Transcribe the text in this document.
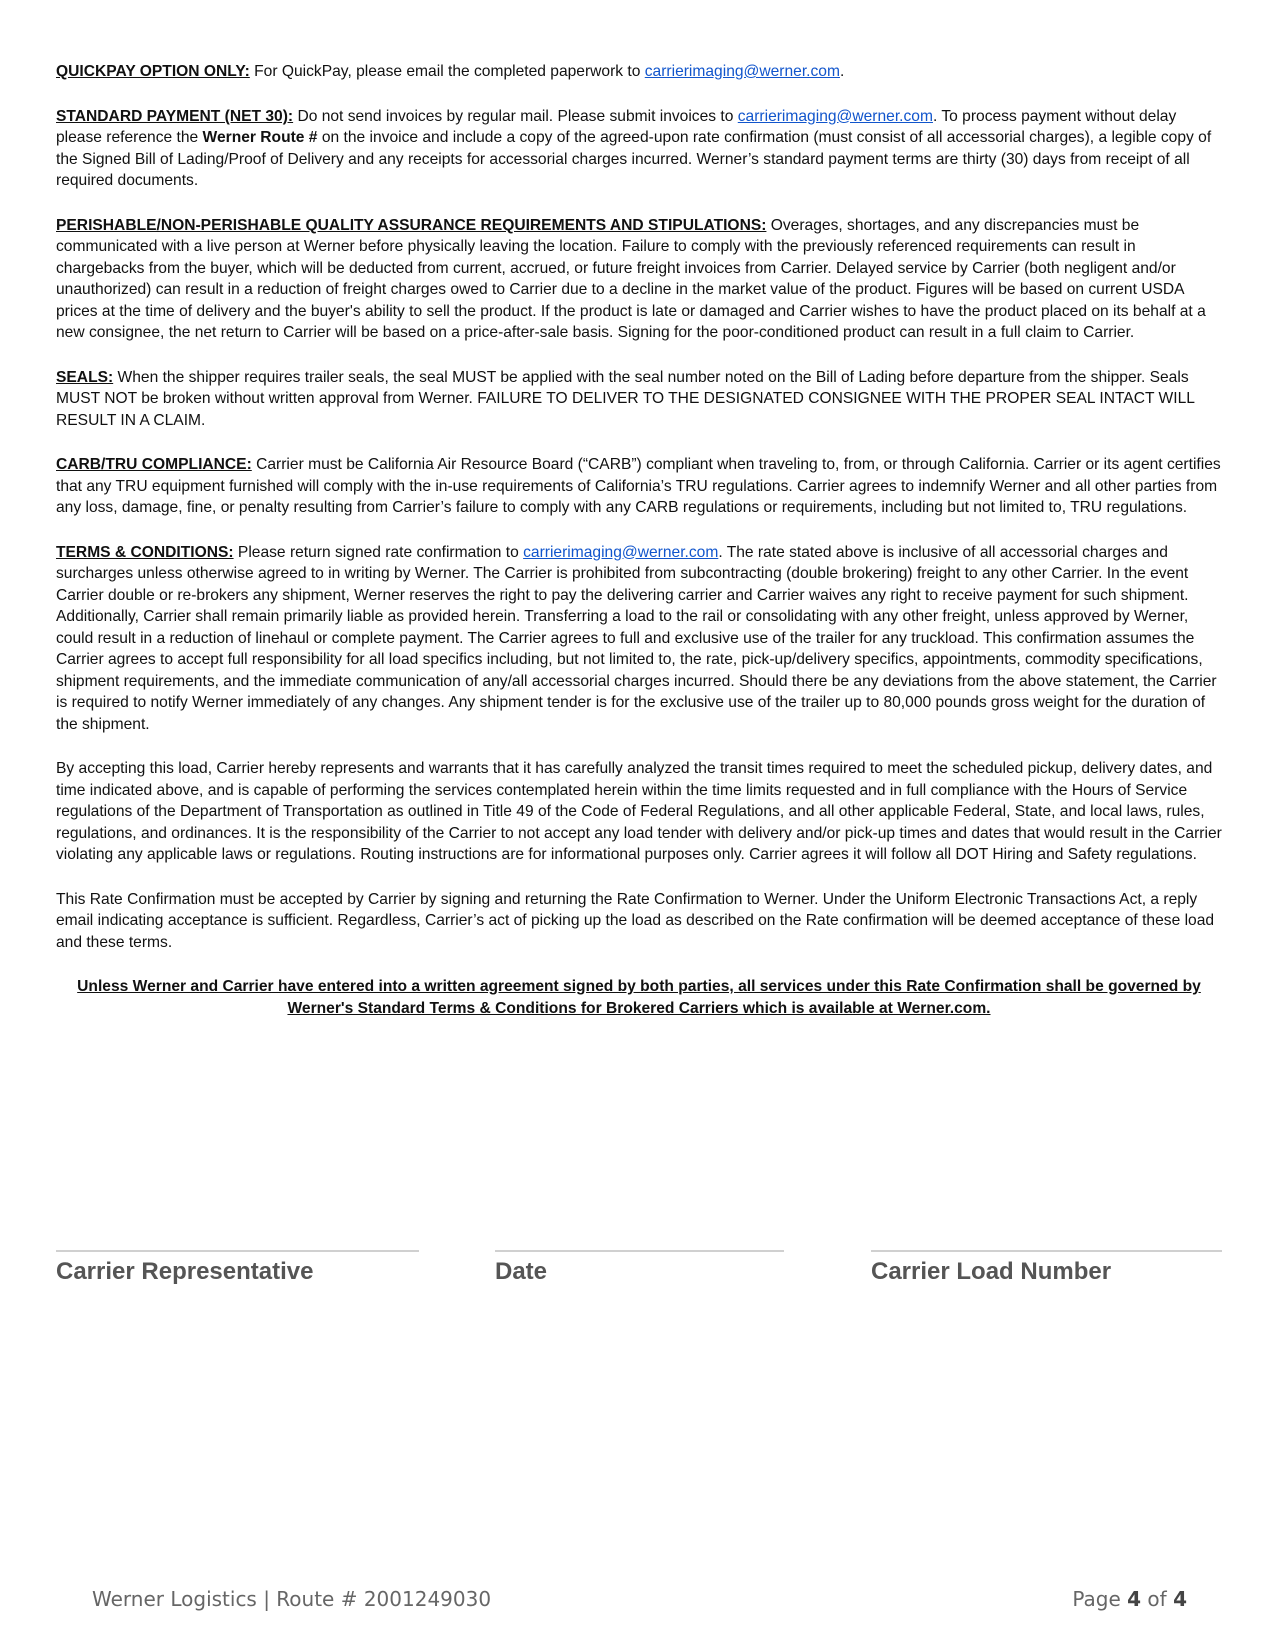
QUICKPAY OPTION ONLY: For QuickPay, please email the completed paperwork to carrierimaging@werner.com.

STANDARD PAYMENT (NET 30): Do not send invoices by regular mail. Please submit invoices to carrierimaging@werner.com. To process payment without delay please reference the Werner Route # on the invoice and include a copy of the agreed-upon rate confirmation (must consist of all accessorial charges), a legible copy of the Signed Bill of Lading/Proof of Delivery and any receipts for accessorial charges incurred. Werner’s standard payment terms are thirty (30) days from receipt of all required documents.

PERISHABLE/NON-PERISHABLE QUALITY ASSURANCE REQUIREMENTS AND STIPULATIONS: Overages, shortages, and any discrepancies must be communicated with a live person at Werner before physically leaving the location. Failure to comply with the previously referenced requirements can result in chargebacks from the buyer, which will be deducted from current, accrued, or future freight invoices from Carrier. Delayed service by Carrier (both negligent and/or unauthorized) can result in a reduction of freight charges owed to Carrier due to a decline in the market value of the product. Figures will be based on current USDA prices at the time of delivery and the buyer's ability to sell the product. If the product is late or damaged and Carrier wishes to have the product placed on its behalf at a new consignee, the net return to Carrier will be based on a price-after-sale basis. Signing for the poor-conditioned product can result in a full claim to Carrier.

SEALS: When the shipper requires trailer seals, the seal MUST be applied with the seal number noted on the Bill of Lading before departure from the shipper. Seals MUST NOT be broken without written approval from Werner. FAILURE TO DELIVER TO THE DESIGNATED CONSIGNEE WITH THE PROPER SEAL INTACT WILL RESULT IN A CLAIM.

CARB/TRU COMPLIANCE: Carrier must be California Air Resource Board (“CARB”) compliant when traveling to, from, or through California. Carrier or its agent certifies that any TRU equipment furnished will comply with the in-use requirements of California’s TRU regulations. Carrier agrees to indemnify Werner and all other parties from any loss, damage, fine, or penalty resulting from Carrier’s failure to comply with any CARB regulations or requirements, including but not limited to, TRU regulations.

TERMS & CONDITIONS: Please return signed rate confirmation to carrierimaging@werner.com. The rate stated above is inclusive of all accessorial charges and surcharges unless otherwise agreed to in writing by Werner. The Carrier is prohibited from subcontracting (double brokering) freight to any other Carrier. In the event Carrier double or re-brokers any shipment, Werner reserves the right to pay the delivering carrier and Carrier waives any right to receive payment for such shipment. Additionally, Carrier shall remain primarily liable as provided herein. Transferring a load to the rail or consolidating with any other freight, unless approved by Werner, could result in a reduction of linehaul or complete payment. The Carrier agrees to full and exclusive use of the trailer for any truckload. This confirmation assumes the Carrier agrees to accept full responsibility for all load specifics including, but not limited to, the rate, pick-up/delivery specifics, appointments, commodity specifications, shipment requirements, and the immediate communication of any/all accessorial charges incurred. Should there be any deviations from the above statement, the Carrier is required to notify Werner immediately of any changes. Any shipment tender is for the exclusive use of the trailer up to 80,000 pounds gross weight for the duration of the shipment.

By accepting this load, Carrier hereby represents and warrants that it has carefully analyzed the transit times required to meet the scheduled pickup, delivery dates, and time indicated above, and is capable of performing the services contemplated herein within the time limits requested and in full compliance with the Hours of Service regulations of the Department of Transportation as outlined in Title 49 of the Code of Federal Regulations, and all other applicable Federal, State, and local laws, rules, regulations, and ordinances. It is the responsibility of the Carrier to not accept any load tender with delivery and/or pick-up times and dates that would result in the Carrier violating any applicable laws or regulations. Routing instructions are for informational purposes only. Carrier agrees it will follow all DOT Hiring and Safety regulations.

This Rate Confirmation must be accepted by Carrier by signing and returning the Rate Confirmation to Werner. Under the Uniform Electronic Transactions Act, a reply email indicating acceptance is sufficient. Regardless, Carrier’s act of picking up the load as described on the Rate confirmation will be deemed acceptance of these load and these terms.

Unless Werner and Carrier have entered into a written agreement signed by both parties, all services under this Rate Confirmation shall be governed by Werner's Standard Terms & Conditions for Brokered Carriers which is available at Werner.com.

Carrier Representative	Date	Carrier Load Number
Werner Logistics | Route # 2001249030	Page 4 of 4
